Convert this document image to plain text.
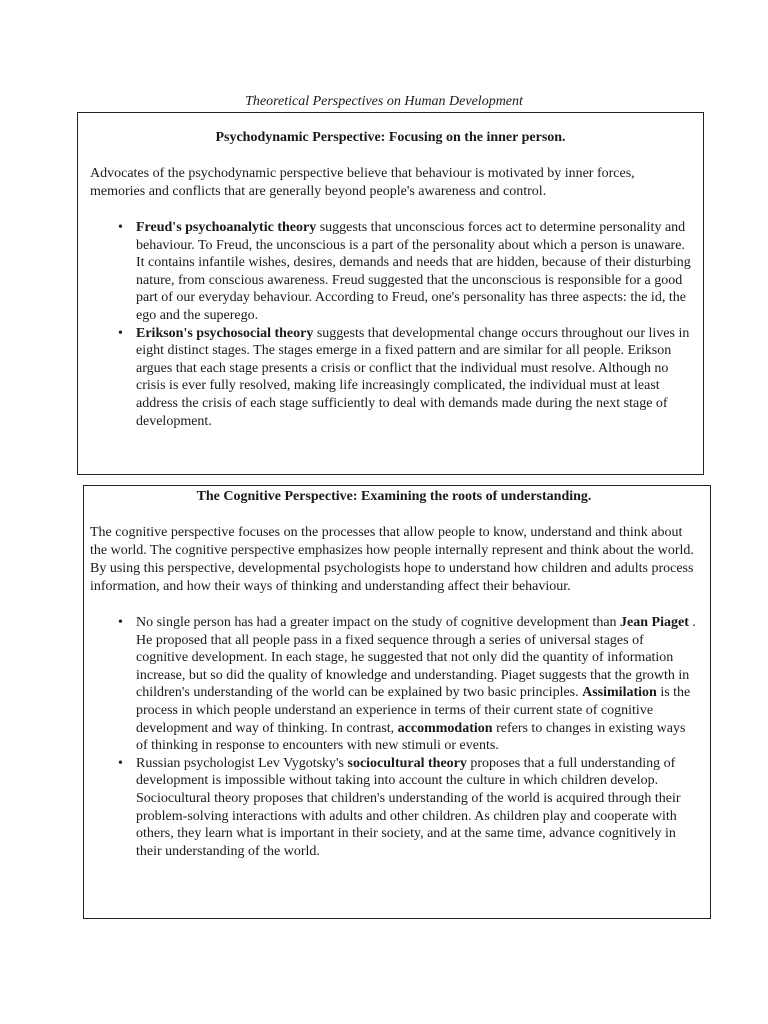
Theoretical Perspectives on Human Development

Psychodynamic Perspective: Focusing on the inner person.

Advocates of the psychodynamic perspective believe that behaviour is motivated by inner forces, memories and conflicts that are generally beyond people's awareness and control.

• Freud's psychoanalytic theory suggests that unconscious forces act to determine personality and behaviour. To Freud, the unconscious is a part of the personality about which a person is unaware. It contains infantile wishes, desires, demands and needs that are hidden, because of their disturbing nature, from conscious awareness. Freud suggested that the unconscious is responsible for a good part of our everyday behaviour. According to Freud, one's personality has three aspects: the id, the ego and the superego.
• Erikson's psychosocial theory suggests that developmental change occurs throughout our lives in eight distinct stages. The stages emerge in a fixed pattern and are similar for all people. Erikson argues that each stage presents a crisis or conflict that the individual must resolve. Although no crisis is ever fully resolved, making life increasingly complicated, the individual must at least address the crisis of each stage sufficiently to deal with demands made during the next stage of development.

The Cognitive Perspective: Examining the roots of understanding.

The cognitive perspective focuses on the processes that allow people to know, understand and think about the world. The cognitive perspective emphasizes how people internally represent and think about the world. By using this perspective, developmental psychologists hope to understand how children and adults process information, and how their ways of thinking and understanding affect their behaviour.

• No single person has had a greater impact on the study of cognitive development than Jean Piaget . He proposed that all people pass in a fixed sequence through a series of universal stages of cognitive development. In each stage, he suggested that not only did the quantity of information increase, but so did the quality of knowledge and understanding. Piaget suggests that the growth in children's understanding of the world can be explained by two basic principles. Assimilation is the process in which people understand an experience in terms of their current state of cognitive development and way of thinking. In contrast, accommodation refers to changes in existing ways of thinking in response to encounters with new stimuli or events.
• Russian psychologist Lev Vygotsky's sociocultural theory proposes that a full understanding of development is impossible without taking into account the culture in which children develop. Sociocultural theory proposes that children's understanding of the world is acquired through their problem-solving interactions with adults and other children. As children play and cooperate with others, they learn what is important in their society, and at the same time, advance cognitively in their understanding of the world.
